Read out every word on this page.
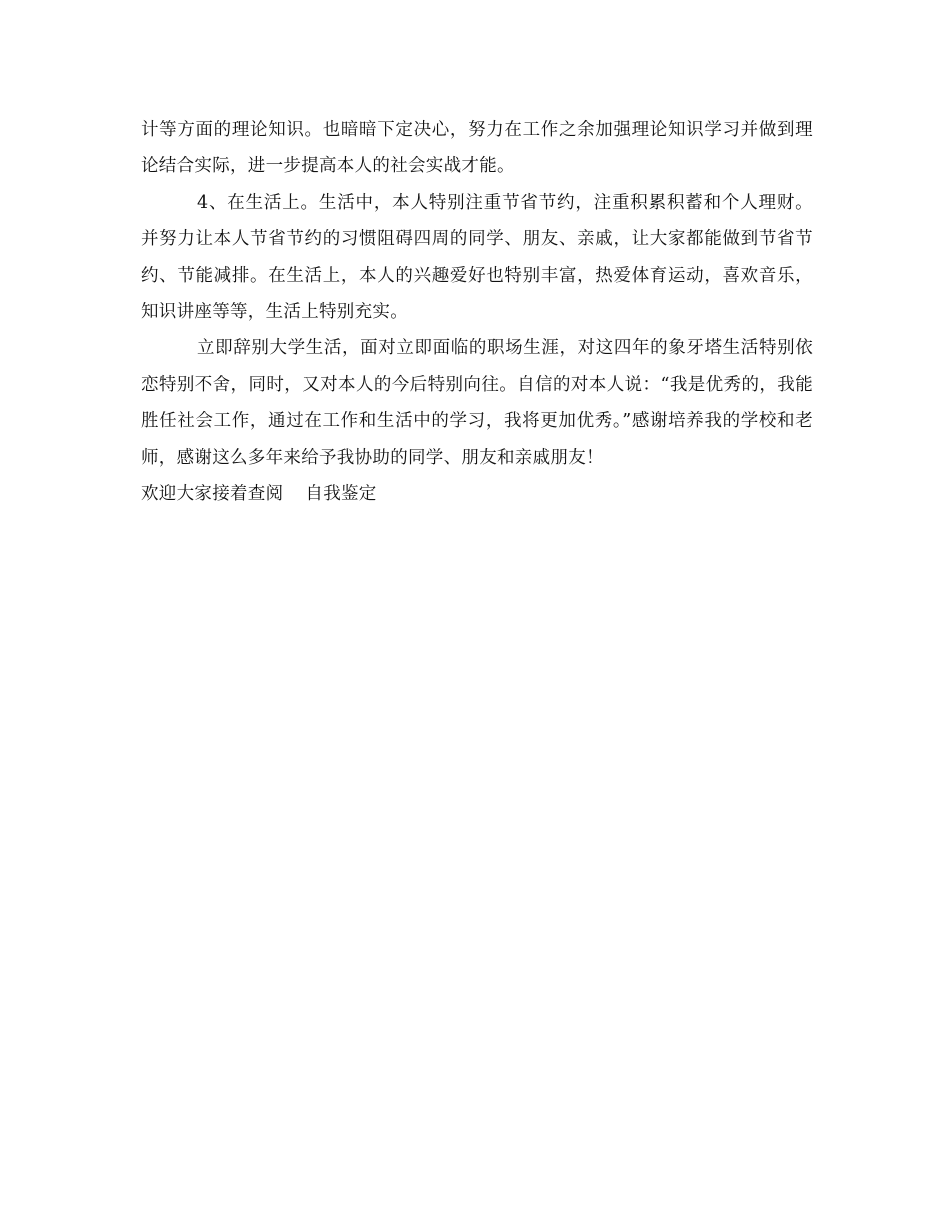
计等方面的理论知识。也暗暗下定决心，努力在工作之余加强理论知识学习并做到理论结合实际，进一步提高本人的社会实战才能。

4、在生活上。生活中，本人特别注重节省节约，注重积累积蓄和个人理财。并努力让本人节省节约的习惯阻碍四周的同学、朋友、亲戚，让大家都能做到节省节约、节能减排。在生活上，本人的兴趣爱好也特别丰富，热爱体育运动，喜欢音乐，知识讲座等等，生活上特别充实。

立即辞别大学生活，面对立即面临的职场生涯，对这四年的象牙塔生活特别依恋特别不舍，同时，又对本人的今后特别向往。自信的对本人说：“我是优秀的，我能胜任社会工作，通过在工作和生活中的学习，我将更加优秀。”感谢培养我的学校和老师，感谢这么多年来给予我协助的同学、朋友和亲戚朋友！

欢迎大家接着查阅 自我鉴定
